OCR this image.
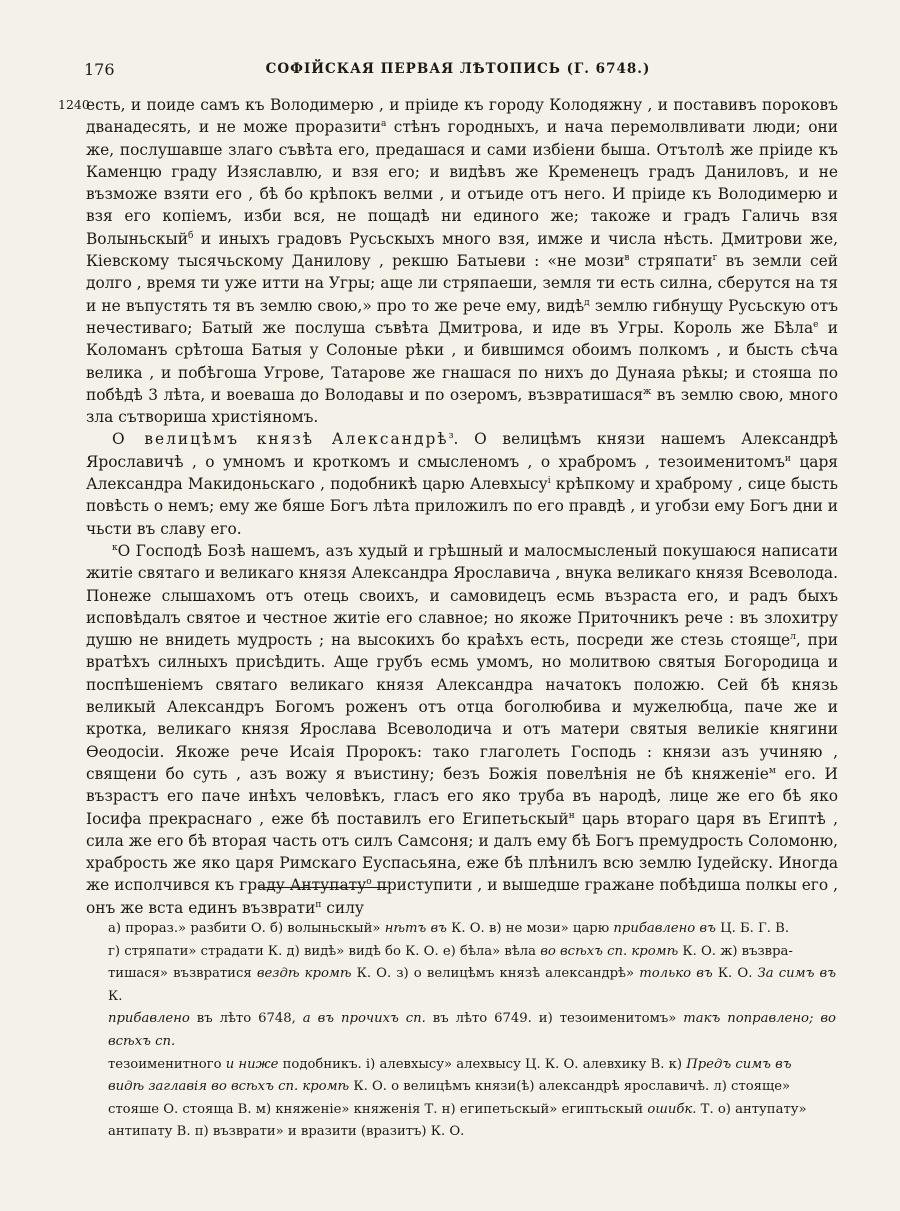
176	СОФІЙСКАЯ ПЕРВАЯ ЛѢТОПИСЬ (Г. 6748.)
1240

есть, и поиде самъ къ Володимерю , и пріиде къ городу Колодяжну , и поставивъ пороковъ дванадесять, и не може проразити$^а$ стѣнъ городныхъ, и нача перемолвливати люди; они же, послушавше злаго съвѣта его, предашася и сами избіени быша. Отътолѣ же пріиде къ Каменцю граду Изяславлю, и взя его; и видѣвъ же Кременецъ градъ Даниловъ, и не възможе взяти его , бѣ бо крѣпокъ велми , и отъиде отъ него. И пріиде къ Володимерю и взя его копіемъ, изби вся, не пощадѣ ни единого же; такоже и градъ Галичь взя Волыньскый$^б$ и иныхъ градовъ Русьскыхъ много взя, имже и числа нѣсть. Дмитрови же, Кіевскому тысячьскому Данилову , рекшю Батыеви : «не мози$^в$ стряпати$^г$ въ земли сей долго , время ти уже итти на Угры; аще ли стряпаеши, земля ти есть силна, сберутся на тя и не въпустять тя въ землю свою,» про то же рече ему, видѣ$^д$ землю гибнущу Русьскую отъ нечестиваго; Батый же послуша съвѣта Дмитрова, и иде въ Угры. Король же Бѣла$^е$ и Коломанъ срѣтоша Батыя у Солоные рѣки , и бившимся обоимъ полкомъ , и бысть сѣча велика , и побѣгоша Угрове, Татарове же гнашася по нихъ до Дунаяа рѣкы; и стояша по побѣдѣ 3 лѣта, и воеваша до Володавы и по озеромъ, възвратишася$^ж$ въ землю свою, много зла сътвориша христіяномъ.

О велицѣмъ князѣ Александрѣ$^з$. О велицѣмъ князи нашемъ Александрѣ Ярославичѣ , о умномъ и кроткомъ и смысленомъ , о храбромъ , тезоименитомъ$^и$ царя Александра Макидоньскаго , подобникѣ царю Алевхысу$^і$ крѣпкому и храброму , сице бысть повѣсть о немъ; ему же бяше Богъ лѣта приложилъ по его правдѣ , и угобзи ему Богъ дни и чьсти въ славу его.

$^к$О Господѣ Бозѣ нашемъ, азъ худый и грѣшный и малосмысленый покушаюся написати житіе святаго и великаго князя Александра Ярославича , внука великаго князя Всеволода. Понеже слышахомъ отъ отець своихъ, и самовидецъ есмь възраста его, и радъ быхъ исповѣдалъ святое и честное житіе его славное; но якоже Приточникъ рече : въ злохитру душю не внидеть мудрость ; на высокихъ бо краѣхъ есть, посреди же стезь стояще$^л$, при вратѣхъ силныхъ присѣдить. Аще грубъ есмь умомъ, но молитвою святыя Богородица и поспѣшеніемъ святаго великаго князя Александра начатокъ положю. Сей бѣ князь великый Александръ Богомъ роженъ отъ отца боголюбива и мужелюбца, паче же и кротка, великаго князя Ярослава Всеволодича и отъ матери святыя великіе княгини Ѳеодосіи. Якоже рече Исаія Пророкъ: тако глаголеть Господь : князи азъ учиняю , священи бо суть , азъ вожу я въистину; безъ Божія повелѣнія не бѣ княженіе$^м$ его. И възрастъ его паче инѣхъ человѣкъ, гласъ его яко труба въ народѣ, лице же его бѣ яко Іосифа прекраснаго , еже бѣ поставилъ его Египетьскый$^н$ царь втораго царя въ Египтѣ , сила же его бѣ вторая часть отъ силъ Самсоня; и далъ ему бѣ Богъ премудрость Соломоню, храбрость же яко царя Римскаго Еуспасьяна, еже бѣ плѣнилъ всю землю Іудейску. Иногда же исполчився къ граду Антупату$^о$ приступити , и вышедше гражане побѣдиша полкы его , онъ же вста единъ възврати$^п$ силу

а) прораз.» разбити О. б) волыньскый» нѣтъ въ К. О. в) не мози» царю прибавлено въ Ц. Б. Г. В.

г) стряпати» страдати К. д) видѣ» видѣ бо К. О. е) бѣла» вѣла во всѣхъ сп. кромѣ К. О. ж) възвра-

тишася» възвратися вездѣ кромѣ К. О. з) о велицѣмъ князѣ александрѣ» только въ К. О. За симъ въ К.

прибавлено въ лѣто 6748, а въ прочихъ сп. въ лѣто 6749. и) тезоименитомъ» такъ поправлено; во всѣхъ сп.

тезоименитного и ниже подобникъ. і) алевхысу» алехвысу Ц. К. О. алевхику В. к) Предъ симъ въ

видѣ заглавія во всѣхъ сп. кромѣ К. О. о велицѣмъ князи(ѣ) александрѣ ярославичѣ. л) стояще»

стояше О. стояща В. м) княженіе» княженія Т. н) египетьскый» египтьскый ошибк. Т. о) антупату»

антипату В. п) възврати» и вразити (вразитъ) К. О.
